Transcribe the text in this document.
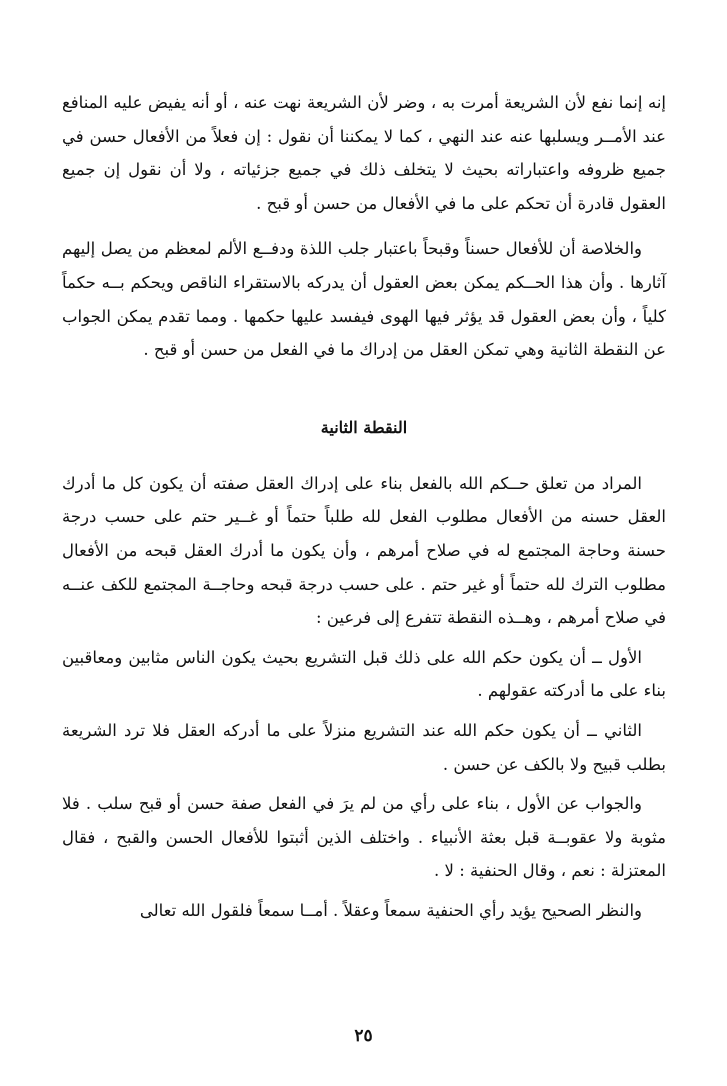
إنه إنما نفع لأن الشريعة أمرت به ، وضر لأن الشريعة نهت عنه ، أو أنه يفيض عليه المنافع عند الأمــر ويسلبها عنه عند النهي ، كما لا يمكننا أن نقول : إن فعلاً من الأفعال حسن في جميع ظروفه واعتباراته بحيث لا يتخلف ذلك في جميع جزئياته ، ولا أن نقول إن جميع العقول قادرة أن تحكم على ما في الأفعال من حسن أو قبح .

والخلاصة أن للأفعال حسناً وقبحاً باعتبار جلب اللذة ودفــع الألم لمعظم من يصل إليهم آثارها . وأن هذا الحــكم يمكن بعض العقول أن يدركه بالاستقراء الناقص ويحكم بــه حكماً كلياً ، وأن بعض العقول قد يؤثر فيها الهوى فيفسد عليها حكمها . ومما تقدم يمكن الجواب عن النقطة الثانية وهي تمكن العقل من إدراك ما في الفعل من حسن أو قبح .

النقطة الثانية

المراد من تعلق حــكم الله بالفعل بناء على إدراك العقل صفته أن يكون كل ما أدرك العقل حسنه من الأفعال مطلوب الفعل لله طلباً حتماً أو غــير حتم على حسب درجة حسنة وحاجة المجتمع له في صلاح أمرهم ، وأن يكون ما أدرك العقل قبحه من الأفعال مطلوب الترك لله حتماً أو غير حتم . على حسب درجة قبحه وحاجــة المجتمع للكف عنــه في صلاح أمرهم ، وهــذه النقطة تتفرع إلى فرعين :

الأول ــ أن يكون حكم الله على ذلك قبل التشريع بحيث يكون الناس مثابين ومعاقبين بناء على ما أدركته عقولهم .

الثاني ــ أن يكون حكم الله عند التشريع منزلاً على ما أدركه العقل فلا ترد الشريعة بطلب قبيح ولا بالكف عن حسن .

والجواب عن الأول ، بناء على رأي من لم يرَ في الفعل صفة حسن أو قبح سلب . فلا مثوبة ولا عقوبــة قبل بعثة الأنبياء . واختلف الذين أثبتوا للأفعال الحسن والقبح ، فقال المعتزلة : نعم ، وقال الحنفية : لا .

والنظر الصحيح يؤيد رأي الحنفية سمعاً وعقلاً . أمــا سمعاً فلقول الله تعالى

٢٥
